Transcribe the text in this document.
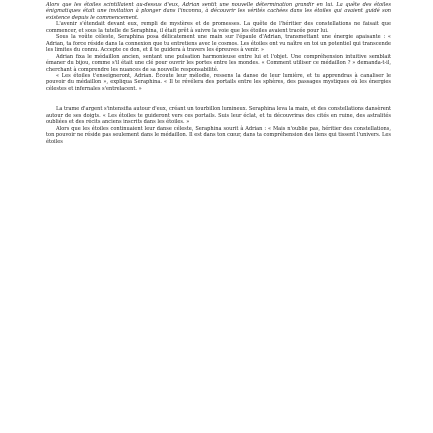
Alors que les étoiles scintillaient au-dessus d'eux, Adrian sentit une nouvelle détermination grandir en lui. La quête des étoiles énigmatiques était une invitation à plonger dans l'inconnu, à découvrir les vérités cachées dans les étoiles qui avaient guidé son existence depuis le commencement.

L'avenir s'étendait devant eux, rempli de mystères et de promesses. La quête de l'héritier des constellations ne faisait que commencer, et sous la tutelle de Seraphina, il était prêt à suivre la voie que les étoiles avaient tracée pour lui.

Sous la voûte céleste, Seraphina posa délicatement une main sur l'épaule d'Adrian, transmettant une énergie apaisante : « Adrian, ta force réside dans la connexion que tu entretiens avec le cosmos. Les étoiles ont vu naître en toi un potentiel qui transcende les limites du connu. Accepte ce don, et il te guidera à travers les épreuves à venir. »

Adrian fixa le médaillon ancien, sentant une pulsation harmonieuse entre lui et l'objet. Une compréhension intuitive semblait émaner du bijou, comme s'il était une clé pour ouvrir les portes entre les mondes. « Comment utiliser ce médaillon ? » demanda-t-il, cherchant à comprendre les nuances de sa nouvelle responsabilité.

« Les étoiles t'enseigneront, Adrian. Écoute leur mélodie, ressens la danse de leur lumière, et tu apprendras à canaliser le pouvoir du médaillon », expliqua Seraphina. « Il te révélera des portails entre les sphères, des passages mystiques où les énergies célestes et infernales s'entrelacent. »

La trame d'argent s'intensifia autour d'eux, créant un tourbillon lumineux. Seraphina leva la main, et des constellations dansèrent autour de ses doigts. « Les étoiles te guideront vers ces portails. Suis leur éclat, et tu découvriras des cités en ruine, des astralités oubliées et des récits anciens inscrits dans les étoiles. »

Alors que les étoiles continuaient leur danse céleste, Seraphina sourit à Adrian : « Mais n'oublie pas, héritier des constellations, ton pouvoir ne réside pas seulement dans le médaillon. Il est dans ton cœur, dans ta compréhension des liens qui tissent l'univers. Les étoiles
